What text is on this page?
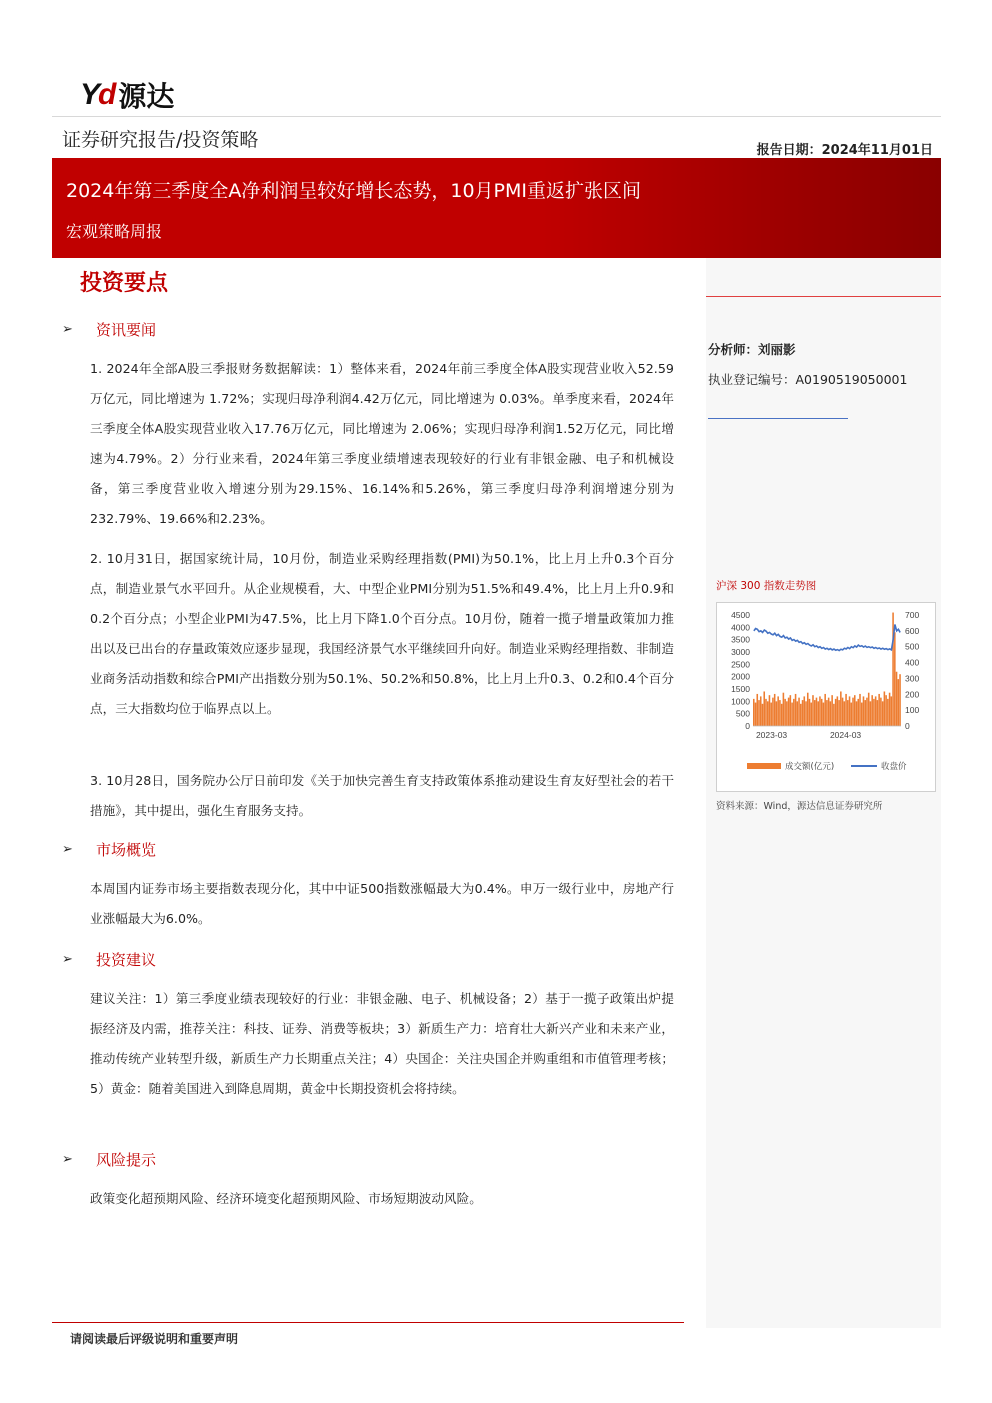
Yd 源达
证券研究报告/投资策略	报告日期：2024年11月01日
2024年第三季度全A净利润呈较好增长态势，10月PMI重返扩张区间
宏观策略周报
投资要点
➢	资讯要闻
1. 2024年全部A股三季报财务数据解读：1）整体来看，2024年前三季度全体A股实现营业收入52.59万亿元，同比增速为 1.72%；实现归母净利润4.42万亿元，同比增速为 0.03%。单季度来看，2024年三季度全体A股实现营业收入17.76万亿元，同比增速为 2.06%；实现归母净利润1.52万亿元，同比增速为4.79%。2）分行业来看，2024年第三季度业绩增速表现较好的行业有非银金融、电子和机械设备，第三季度营业收入增速分别为29.15%、16.14%和5.26%，第三季度归母净利润增速分别为232.79%、19.66%和2.23%。
2. 10月31日，据国家统计局，10月份，制造业采购经理指数(PMI)为50.1%，比上月上升0.3个百分点，制造业景气水平回升。从企业规模看，大、中型企业PMI分别为51.5%和49.4%，比上月上升0.9和0.2个百分点；小型企业PMI为47.5%，比上月下降1.0个百分点。10月份，随着一揽子增量政策加力推出以及已出台的存量政策效应逐步显现，我国经济景气水平继续回升向好。制造业采购经理指数、非制造业商务活动指数和综合PMI产出指数分别为50.1%、50.2%和50.8%，比上月上升0.3、0.2和0.4个百分点，三大指数均位于临界点以上。
3. 10月28日，国务院办公厅日前印发《关于加快完善生育支持政策体系推动建设生育友好型社会的若干措施》，其中提出，强化生育服务支持。
➢	市场概览
本周国内证券市场主要指数表现分化，其中中证500指数涨幅最大为0.4%。申万一级行业中，房地产行业涨幅最大为6.0%。
➢	投资建议
建议关注：1）第三季度业绩表现较好的行业：非银金融、电子、机械设备；2）基于一揽子政策出炉提振经济及内需，推荐关注：科技、证券、消费等板块；3）新质生产力：培育壮大新兴产业和未来产业，推动传统产业转型升级，新质生产力长期重点关注；4）央国企：关注央国企并购重组和市值管理考核；5）黄金：随着美国进入到降息周期，黄金中长期投资机会将持续。
➢	风险提示
政策变化超预期风险、经济环境变化超预期风险、市场短期波动风险。
分析师：刘丽影
执业登记编号：A0190519050001
沪深 300 指数走势图
4500
4000
3500
3000
2500
2000
1500
1000
500
0
700
600
500
400
300
200
100
0
2023-03	2024-03
成交额(亿元)	收盘价
资料来源：Wind，源达信息证券研究所
请阅读最后评级说明和重要声明
